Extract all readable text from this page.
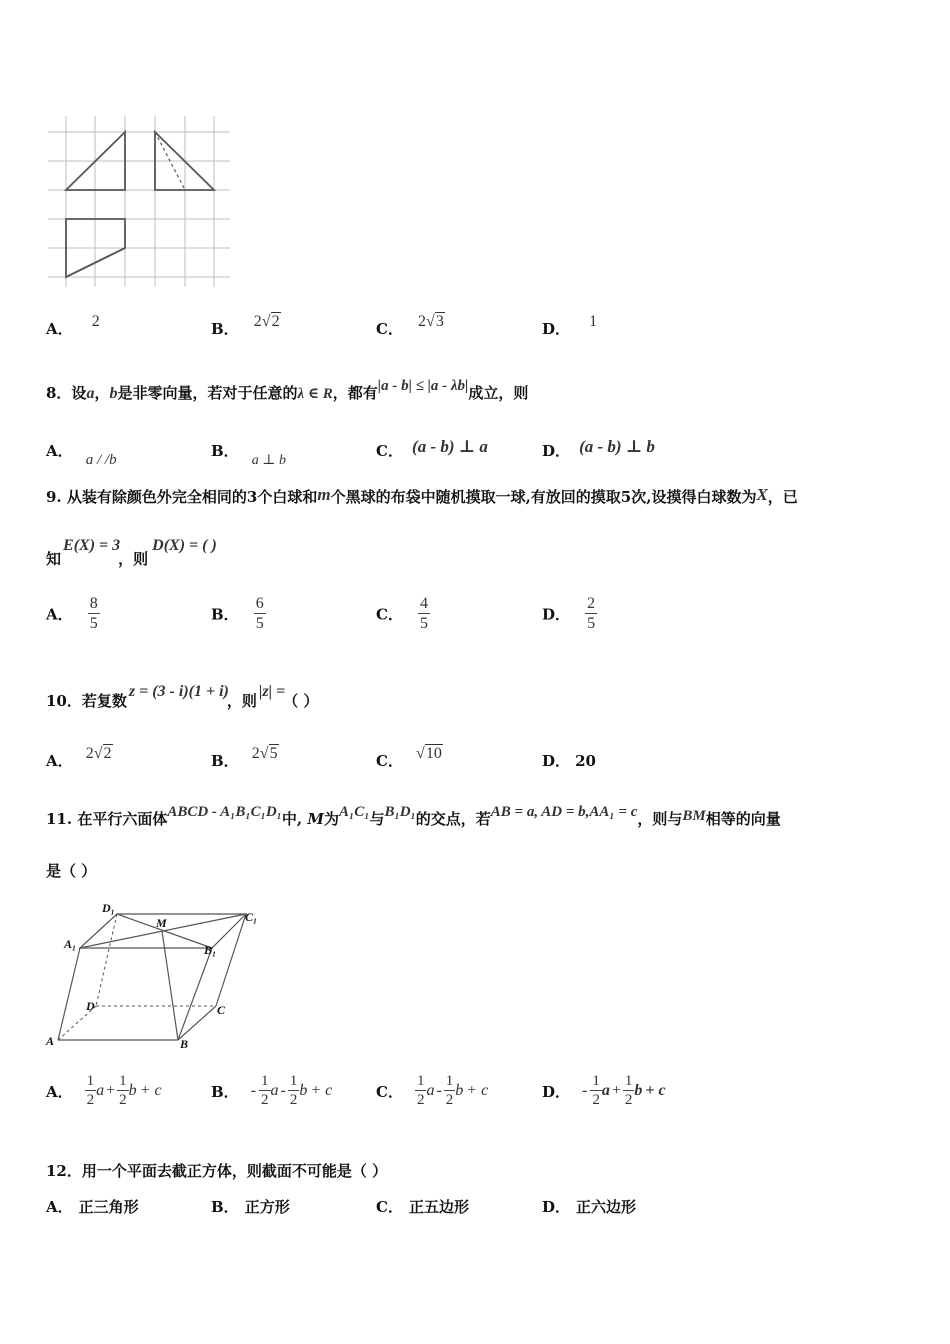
A． 2	B． 2√2	C． 2√3	D． 1
8．设a，b是非零向量，若对于任意的λ ∈ R，都有|a - b| ≤ |a - λb|成立，则
A． a / /b	B． a ⊥ b
C． (a - b) ⊥ a	D． (a - b) ⊥ b
9. 从装有除颜色外完全相同的3个白球和m个黑球的布袋中随机摸取一球,有放回的摸取5次,设摸得白球数为X，已
知E(X) = 3，则D(X) = ( )
A． $\frac{8}{5}$	B． $\frac{6}{5}$	C． $\frac{4}{5}$	D． $\frac{2}{5}$
10．若复数z = (3 - i)(1 + i)，则|z| =（ ）
A． 2√2	B． 2√5	C． √10	D． 20
11. 在平行六面体ABCD - A₁B₁C₁D₁中, M为A₁C₁与B₁D₁的交点，若AB = a, AD = b,AA₁ = c，则与BM相等的向量
是（ ）
D₁
M	C₁
A₁	B₁
D	C
A	B
A． $\frac{1}{2}$ $a + \frac{1}{2}$ b + c	B． - $\frac{1}{2}$ a - $\frac{1}{2}$ b + c	C． $\frac{1}{2}$ a - $\frac{1}{2}$ b + c	D． - $\frac{1}{2}$ $a + \frac{1}{2}$ b + c
12．用一个平面去截正方体，则截面不可能是（ ）
A． 正三角形	B． 正方形	C． 正五边形	D． 正六边形
